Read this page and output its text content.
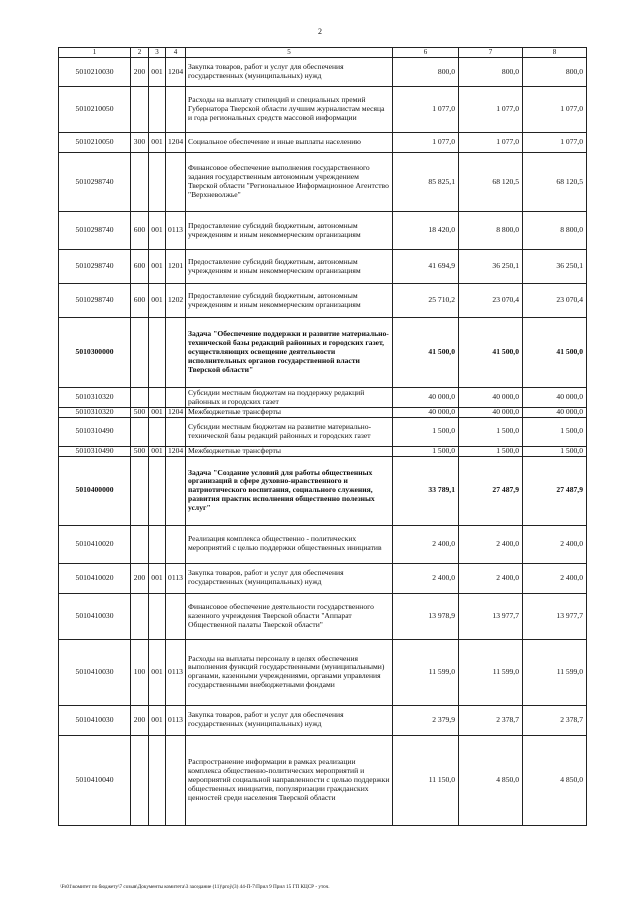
2
1	2	3	4	5	6	7	8
5010210030	200	001	1204	Закупка товаров, работ и услуг для обеспечения государственных (муниципальных) нужд	800,0	800,0	800,0
5010210050				Расходы на выплату стипендий и специальных премий Губернатора Тверской области лучшим журналистам месяца и года региональных средств массовой информации	1 077,0	1 077,0	1 077,0
5010210050	300	001	1204	Социальное обеспечение и иные выплаты населению	1 077,0	1 077,0	1 077,0
5010298740				Финансовое обеспечение выполнения государственного задания государственным автономным учреждением Тверской области "Региональное Информационное Агентство "Верхневолжье"	85 825,1	68 120,5	68 120,5
5010298740	600	001	0113	Предоставление субсидий бюджетным, автономным учреждениям и иным некоммерческим организациям	18 420,0	8 800,0	8 800,0
5010298740	600	001	1201	Предоставление субсидий бюджетным, автономным учреждениям и иным некоммерческим организациям	41 694,9	36 250,1	36 250,1
5010298740	600	001	1202	Предоставление субсидий бюджетным, автономным учреждениям и иным некоммерческим организациям	25 710,2	23 070,4	23 070,4
5010300000				Задача "Обеспечение поддержки и развитие материально-технической базы редакций районных и городских газет, осуществляющих освещение деятельности исполнительных органов государственной власти Тверской области"	41 500,0	41 500,0	41 500,0
5010310320				Субсидии местным бюджетам на поддержку редакций районных и городских газет	40 000,0	40 000,0	40 000,0
5010310320	500	001	1204	Межбюджетные трансферты	40 000,0	40 000,0	40 000,0
5010310490				Субсидии местным бюджетам на развитие материально-технической базы редакций районных и городских газет	1 500,0	1 500,0	1 500,0
5010310490	500	001	1204	Межбюджетные трансферты	1 500,0	1 500,0	1 500,0
5010400000				Задача "Создание условий для работы общественных организаций в сфере духовно-нравственного и патриотического воспитания, социального служения, развития практик исполнения общественно полезных услуг"	33 789,1	27 487,9	27 487,9
5010410020				Реализация комплекса общественно - политических мероприятий с целью поддержки общественных инициатив	2 400,0	2 400,0	2 400,0
5010410020	200	001	0113	Закупка товаров, работ и услуг для обеспечения государственных (муниципальных) нужд	2 400,0	2 400,0	2 400,0
5010410030				Финансовое обеспечение деятельности государственного казенного учреждения Тверской области "Аппарат Общественной палаты Тверской области"	13 978,9	13 977,7	13 977,7
5010410030	100	001	0113	Расходы на выплаты персоналу в целях обеспечения выполнения функций государственными (муниципальными) органами, казенными учреждениями, органами управления государственными внебюджетными фондами	11 599,0	11 599,0	11 599,0
5010410030	200	001	0113	Закупка товаров, работ и услуг для обеспечения государственных (муниципальных) нужд	2 379,9	2 378,7	2 378,7
5010410040				Распространение информации в рамках реализации комплекса общественно-политических мероприятий и мероприятий социальной направленности с целью поддержки общественных инициатив, популяризации гражданских ценностей среди населения Тверской области	11 150,0	4 850,0	4 850,0
\Fs01\комитет по бюджету\7 созыв\Документы комитета\3 заседание (11)\proj\(3) 44-П-7\Прил 9 Прил 15 ГП КЦСР - уточ.
